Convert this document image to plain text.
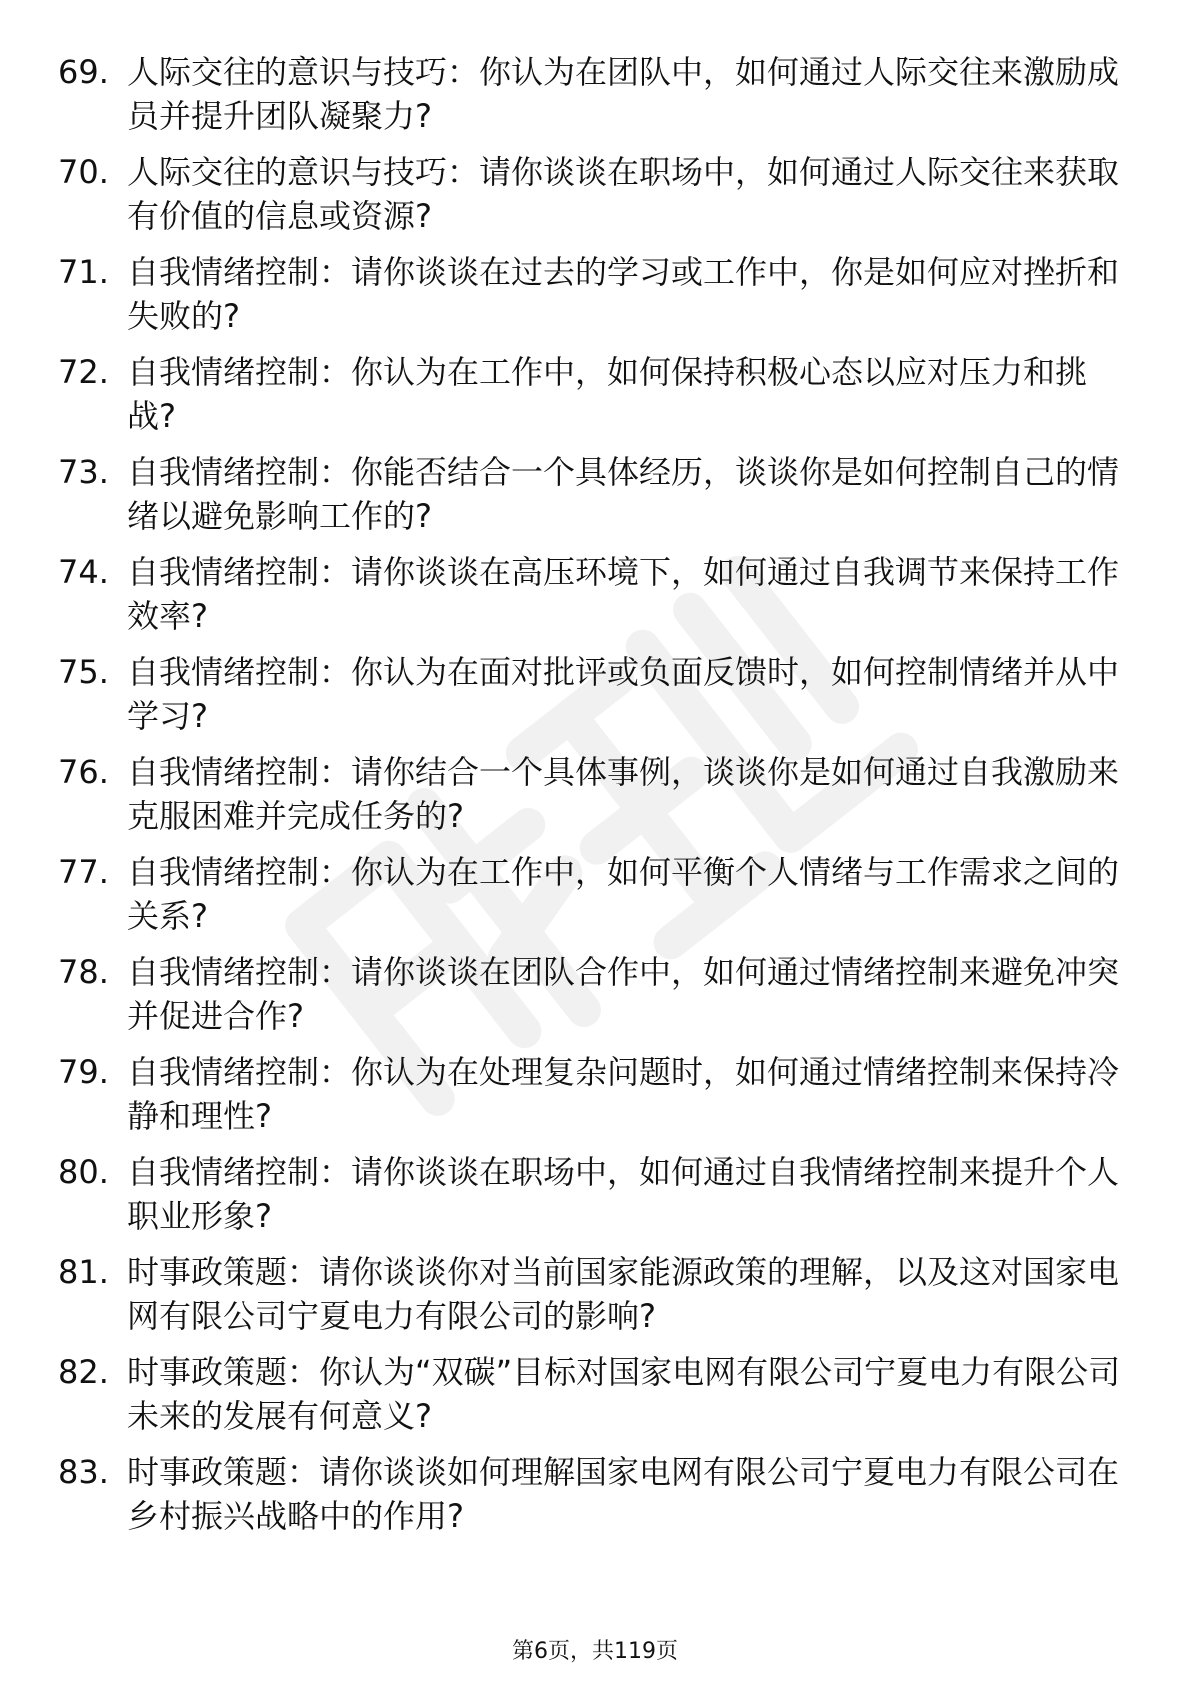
69. 人际交往的意识与技巧：你认为在团队中，如何通过人际交往来激励成员并提升团队凝聚力?
70. 人际交往的意识与技巧：请你谈谈在职场中，如何通过人际交往来获取有价值的信息或资源?
71. 自我情绪控制：请你谈谈在过去的学习或工作中，你是如何应对挫折和失败的?
72. 自我情绪控制：你认为在工作中，如何保持积极心态以应对压力和挑战?
73. 自我情绪控制：你能否结合一个具体经历，谈谈你是如何控制自己的情绪以避免影响工作的?
74. 自我情绪控制：请你谈谈在高压环境下，如何通过自我调节来保持工作效率?
75. 自我情绪控制：你认为在面对批评或负面反馈时，如何控制情绪并从中学习?
76. 自我情绪控制：请你结合一个具体事例，谈谈你是如何通过自我激励来克服困难并完成任务的?
77. 自我情绪控制：你认为在工作中，如何平衡个人情绪与工作需求之间的关系?
78. 自我情绪控制：请你谈谈在团队合作中，如何通过情绪控制来避免冲突并促进合作?
79. 自我情绪控制：你认为在处理复杂问题时，如何通过情绪控制来保持冷静和理性?
80. 自我情绪控制：请你谈谈在职场中，如何通过自我情绪控制来提升个人职业形象?
81. 时事政策题：请你谈谈你对当前国家能源政策的理解，以及这对国家电网有限公司宁夏电力有限公司的影响?
82. 时事政策题：你认为“双碳”目标对国家电网有限公司宁夏电力有限公司未来的发展有何意义?
83. 时事政策题：请你谈谈如何理解国家电网有限公司宁夏电力有限公司在乡村振兴战略中的作用?
第6页，共119页
